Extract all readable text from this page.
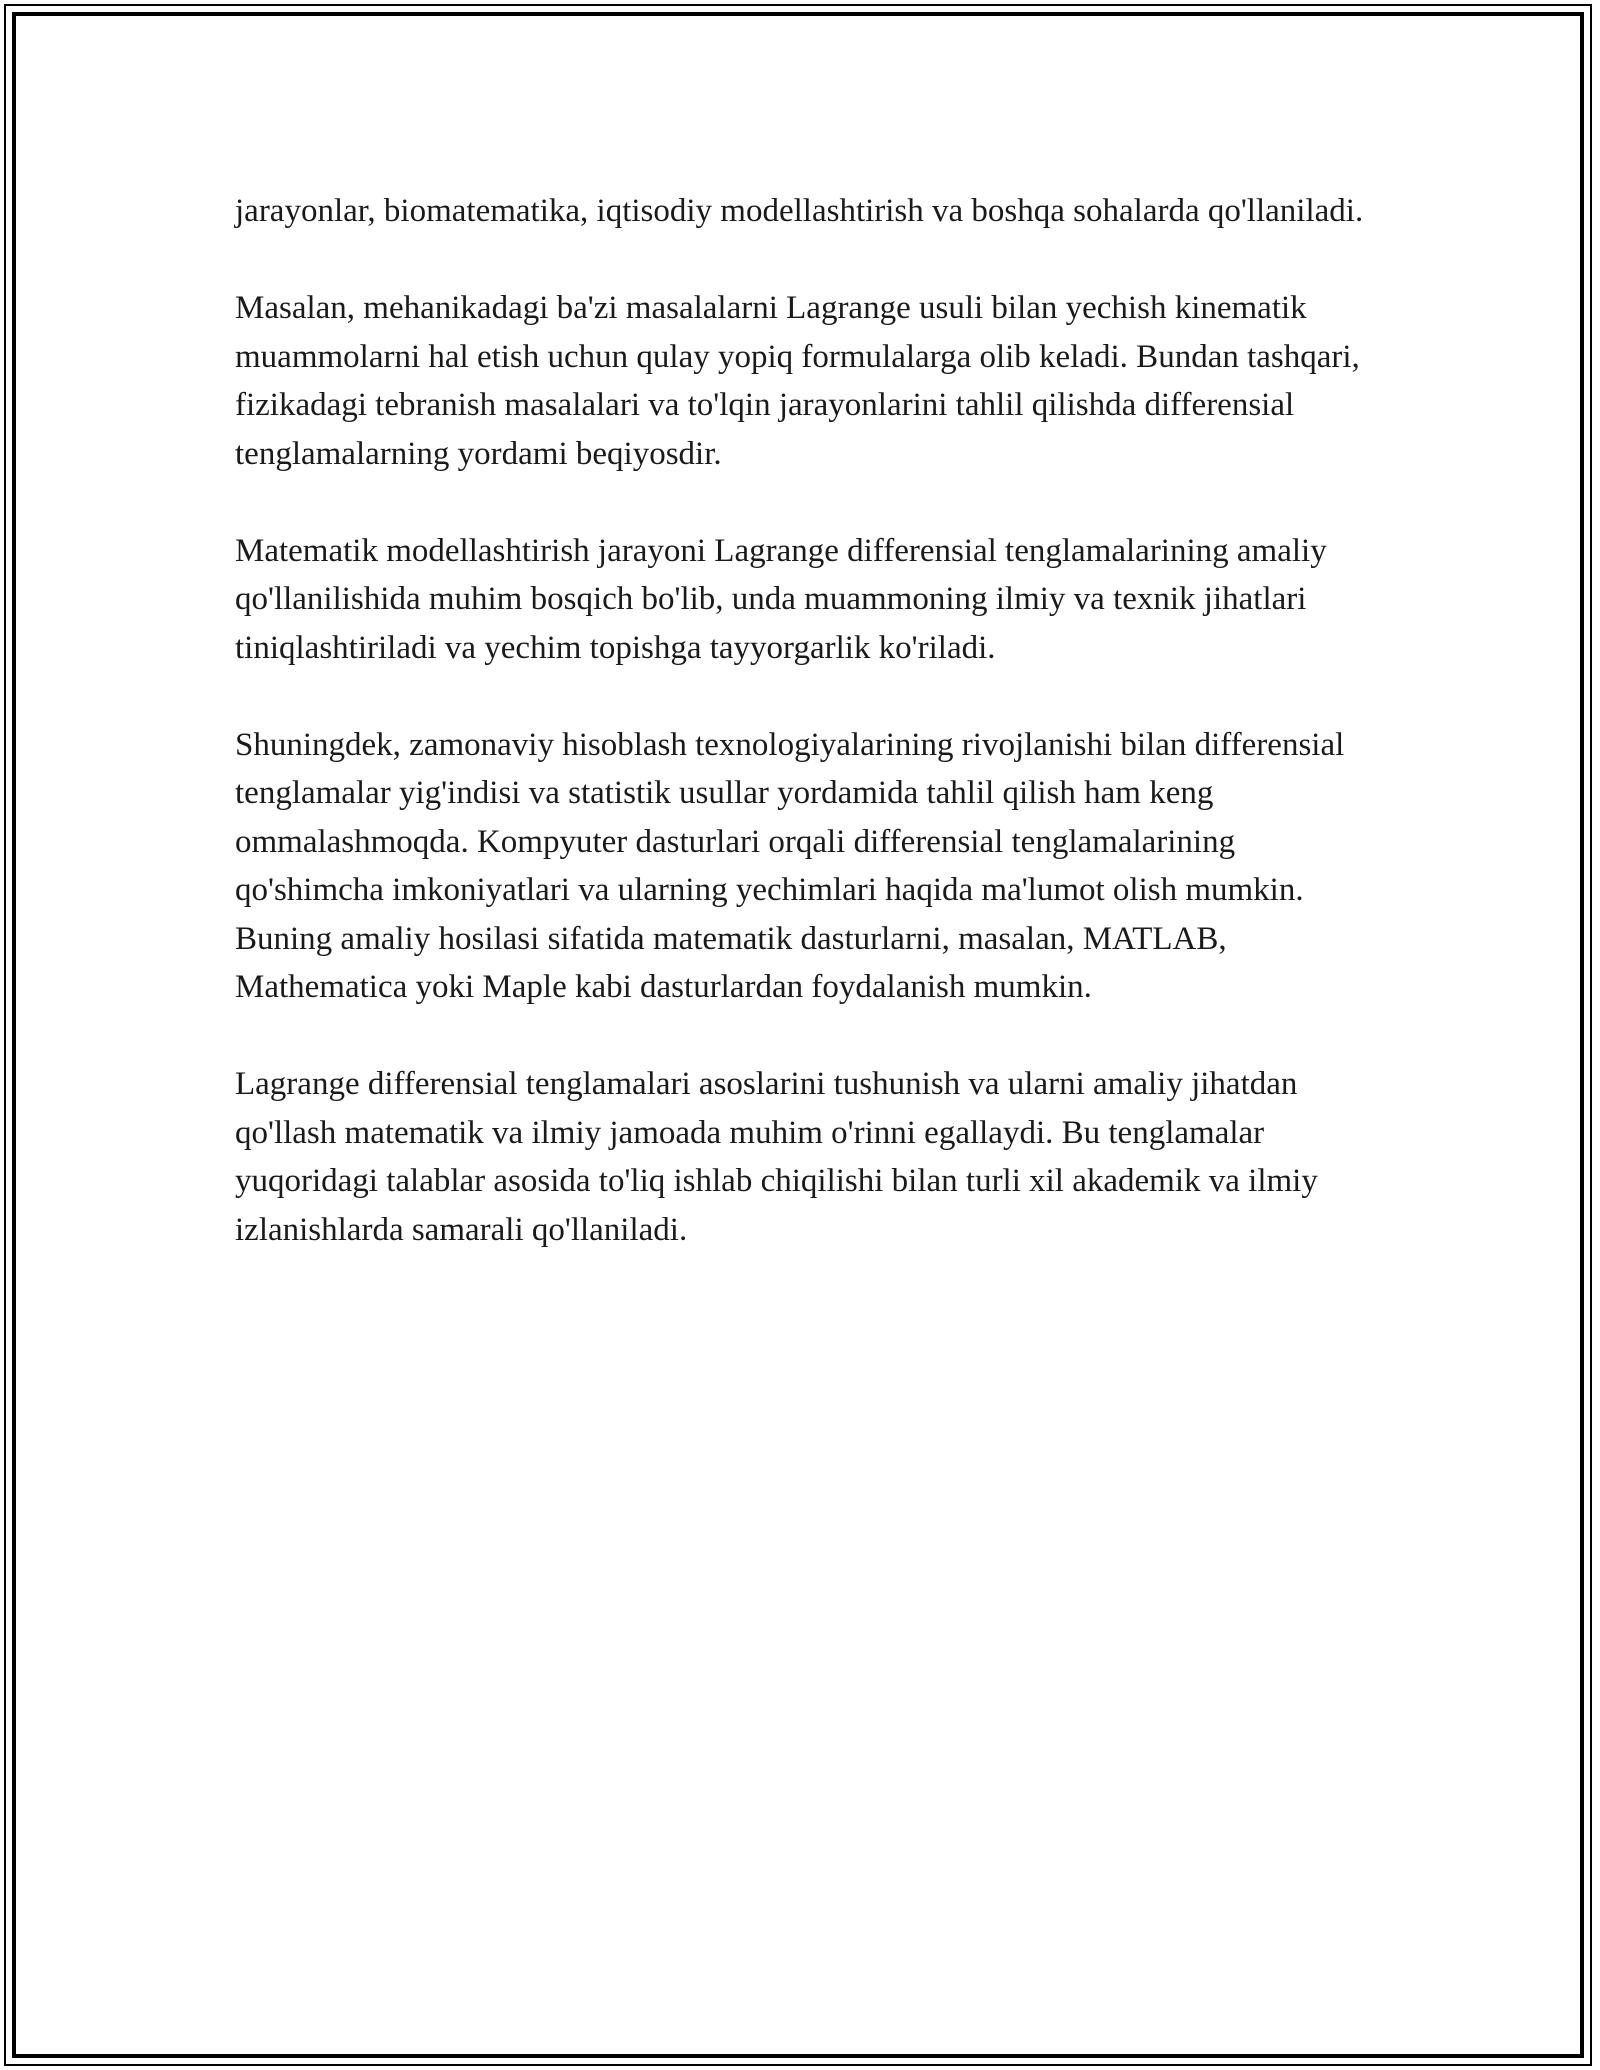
jarayonlar, biomatematika, iqtisodiy modellashtirish va boshqa sohalarda qo'llaniladi.

Masalan, mehanikadagi ba'zi masalalarni Lagrange usuli bilan yechish kinematik muammolarni hal etish uchun qulay yopiq formulalarga olib keladi. Bundan tashqari, fizikadagi tebranish masalalari va to'lqin jarayonlarini tahlil qilishda differensial tenglamalarning yordami beqiyosdir.

Matematik modellashtirish jarayoni Lagrange differensial tenglamalarining amaliy qo'llanilishida muhim bosqich bo'lib, unda muammoning ilmiy va texnik jihatlari tiniqlashtiriladi va yechim topishga tayyorgarlik ko'riladi.

Shuningdek, zamonaviy hisoblash texnologiyalarining rivojlanishi bilan differensial tenglamalar yig'indisi va statistik usullar yordamida tahlil qilish ham keng ommalashmoqda. Kompyuter dasturlari orqali differensial tenglamalarining qo'shimcha imkoniyatlari va ularning yechimlari haqida ma'lumot olish mumkin. Buning amaliy hosilasi sifatida matematik dasturlarni, masalan, MATLAB, Mathematica yoki Maple kabi dasturlardan foydalanish mumkin.

Lagrange differensial tenglamalari asoslarini tushunish va ularni amaliy jihatdan qo'llash matematik va ilmiy jamoada muhim o'rinni egallaydi. Bu tenglamalar yuqoridagi talablar asosida to'liq ishlab chiqilishi bilan turli xil akademik va ilmiy izlanishlarda samarali qo'llaniladi.
